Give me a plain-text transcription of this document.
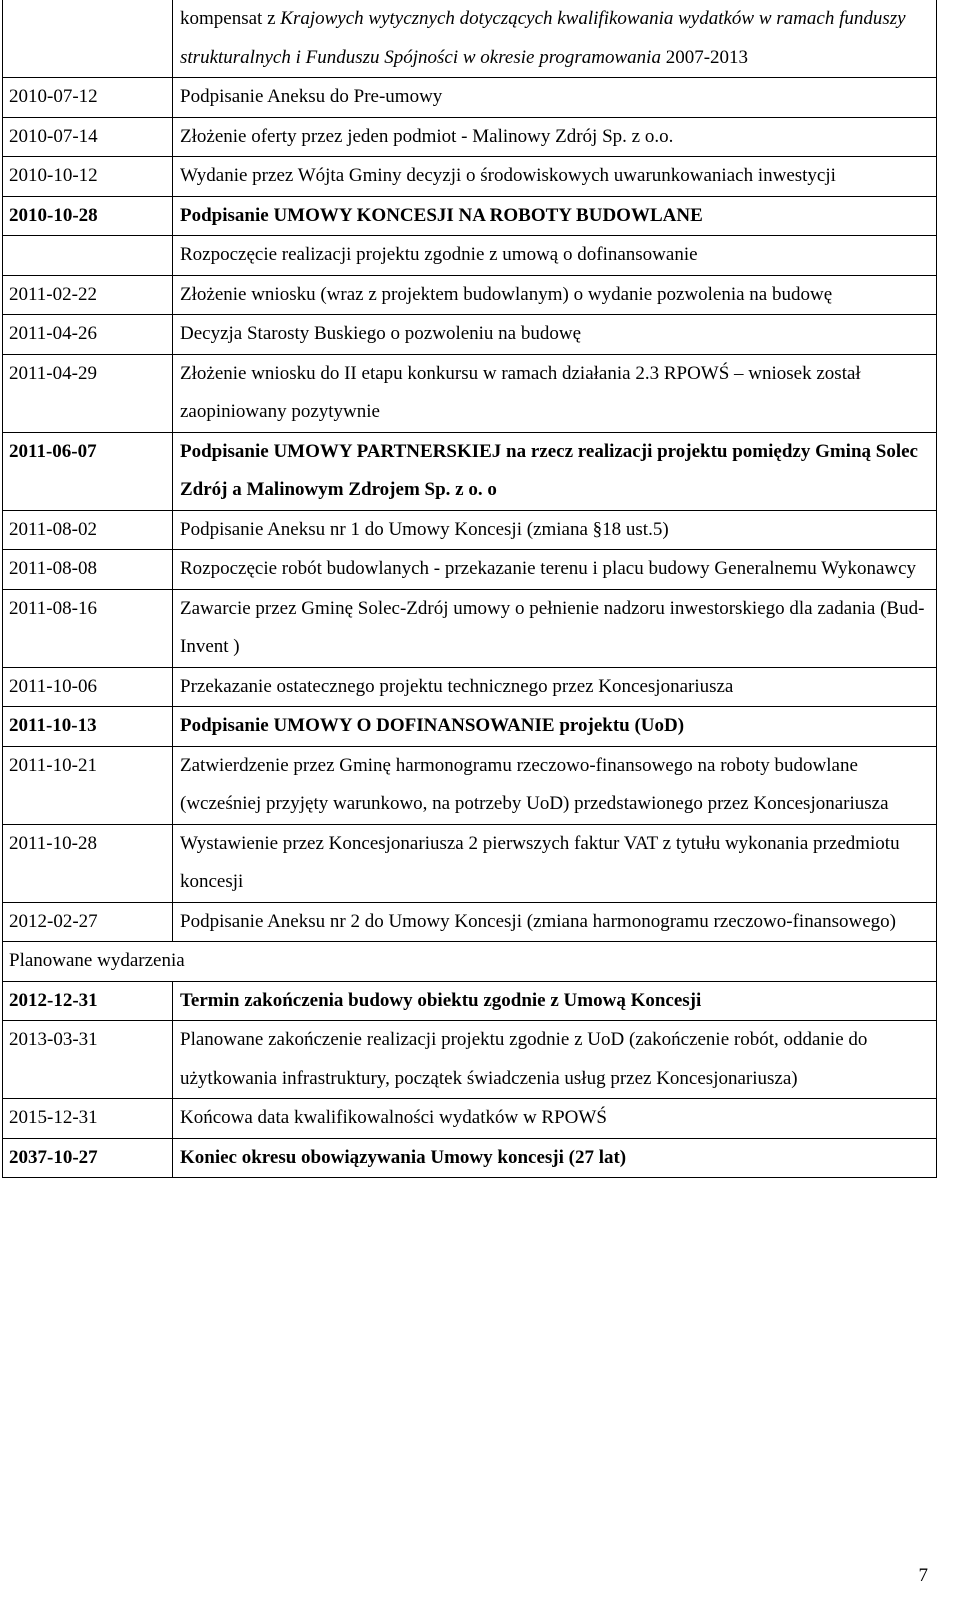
	kompensat z Krajowych wytycznych dotyczących kwalifikowania wydatków w ramach funduszy strukturalnych i Funduszu Spójności w okresie programowania 2007-2013
2010-07-12	Podpisanie Aneksu do Pre-umowy
2010-07-14	Złożenie oferty przez jeden podmiot - Malinowy Zdrój Sp. z o.o.
2010-10-12	Wydanie przez Wójta Gminy decyzji o środowiskowych uwarunkowaniach inwestycji
2010-10-28	Podpisanie UMOWY KONCESJI NA ROBOTY BUDOWLANE
	Rozpoczęcie realizacji projektu zgodnie z umową o dofinansowanie
2011-02-22	Złożenie wniosku (wraz z projektem budowlanym) o wydanie pozwolenia na budowę
2011-04-26	Decyzja Starosty Buskiego o pozwoleniu na budowę
2011-04-29	Złożenie wniosku do II etapu konkursu w ramach działania 2.3 RPOWŚ – wniosek został zaopiniowany pozytywnie
2011-06-07	Podpisanie UMOWY PARTNERSKIEJ na rzecz realizacji projektu pomiędzy Gminą Solec Zdrój a Malinowym Zdrojem Sp. z o. o
2011-08-02	Podpisanie Aneksu nr 1 do Umowy Koncesji (zmiana §18 ust.5)
2011-08-08	Rozpoczęcie robót budowlanych - przekazanie terenu i placu budowy Generalnemu Wykonawcy
2011-08-16	Zawarcie przez Gminę Solec-Zdrój umowy o pełnienie nadzoru inwestorskiego dla zadania (Bud-Invent )
2011-10-06	Przekazanie ostatecznego projektu technicznego przez Koncesjonariusza
2011-10-13	Podpisanie UMOWY O DOFINANSOWANIE projektu (UoD)
2011-10-21	Zatwierdzenie przez Gminę harmonogramu rzeczowo-finansowego na roboty budowlane (wcześniej przyjęty warunkowo, na potrzeby UoD) przedstawionego przez Koncesjonariusza
2011-10-28	Wystawienie przez Koncesjonariusza 2 pierwszych faktur VAT z tytułu wykonania przedmiotu koncesji
2012-02-27	Podpisanie Aneksu nr 2 do Umowy Koncesji (zmiana harmonogramu rzeczowo-finansowego)
Planowane wydarzenia	
2012-12-31	Termin zakończenia budowy obiektu zgodnie z Umową Koncesji
2013-03-31	Planowane zakończenie realizacji projektu zgodnie z UoD (zakończenie robót, oddanie do użytkowania infrastruktury, początek świadczenia usług przez Koncesjonariusza)
2015-12-31	Końcowa data kwalifikowalności wydatków w RPOWŚ
2037-10-27	Koniec okresu obowiązywania Umowy koncesji (27 lat)
7
